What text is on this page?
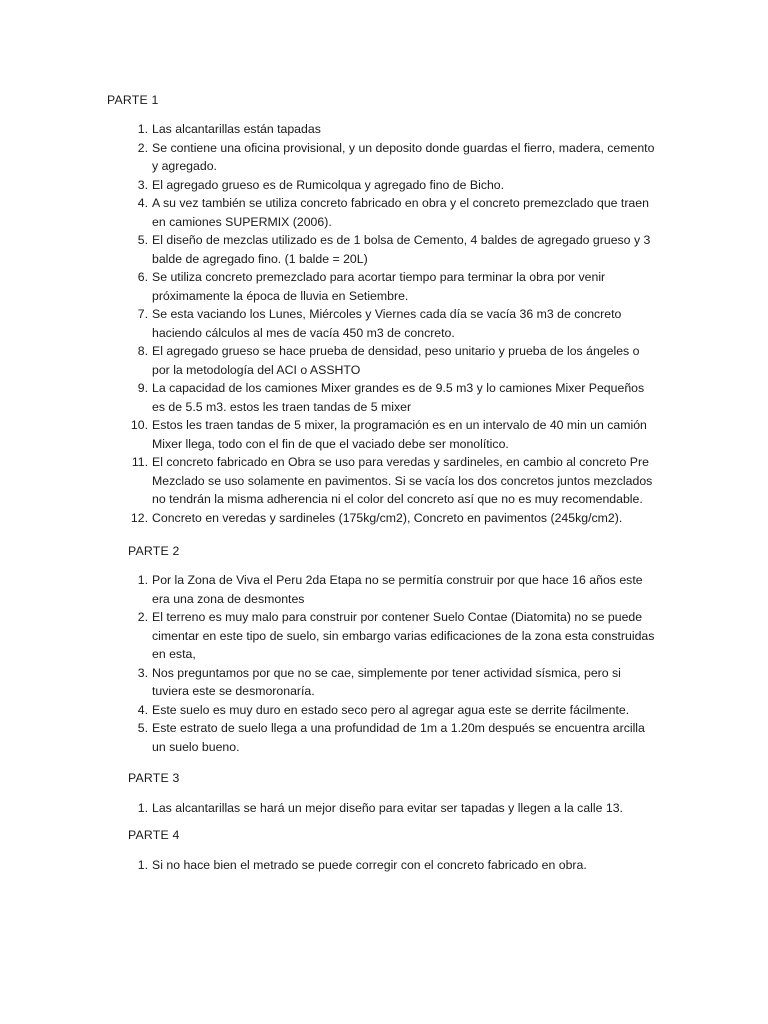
PARTE 1
1. Las alcantarillas están tapadas
2. Se contiene una oficina provisional, y un deposito donde guardas el fierro, madera, cemento y agregado.
3. El agregado grueso es de Rumicolqua y agregado fino de Bicho.
4. A su vez también se utiliza concreto fabricado en obra y el concreto premezclado que traen en camiones SUPERMIX (2006).
5. El diseño de mezclas utilizado es de 1 bolsa de Cemento, 4 baldes de agregado grueso y 3 balde de agregado fino. (1 balde = 20L)
6. Se utiliza concreto premezclado para acortar tiempo para terminar la obra por venir próximamente la época de lluvia en Setiembre.
7. Se esta vaciando los Lunes, Miércoles y Viernes cada día se vacía 36 m3 de concreto haciendo cálculos al mes de vacía 450 m3 de concreto.
8. El agregado grueso se hace prueba de densidad, peso unitario y prueba de los ángeles o por la metodología del ACI o ASSHTO
9. La capacidad de los camiones Mixer grandes es de 9.5 m3 y lo camiones Mixer Pequeños es de 5.5 m3. estos les traen tandas de 5 mixer
10. Estos les traen tandas de 5 mixer, la programación es en un intervalo de 40 min un camión Mixer llega, todo con el fin de que el vaciado debe ser monolítico.
11. El concreto fabricado en Obra se uso para veredas y sardineles, en cambio al concreto Pre Mezclado se uso solamente en pavimentos. Si se vacía los dos concretos juntos mezclados no tendrán la misma adherencia ni el color del concreto así que no es muy recomendable.
12. Concreto en veredas y sardineles (175kg/cm2), Concreto en pavimentos (245kg/cm2).
PARTE 2
1. Por la Zona de Viva el Peru 2da Etapa no se permitía construir por que hace 16 años este era una zona de desmontes
2. El terreno es muy malo para construir por contener Suelo Contae (Diatomita) no se puede cimentar en este tipo de suelo, sin embargo varias edificaciones de la zona esta construidas en esta,
3. Nos preguntamos por que no se cae, simplemente por tener actividad sísmica, pero si tuviera este se desmoronaría.
4. Este suelo es muy duro en estado seco pero al agregar agua este se derrite fácilmente.
5. Este estrato de suelo llega a una profundidad de 1m a 1.20m después se encuentra arcilla un suelo bueno.
PARTE 3
1. Las alcantarillas se hará un mejor diseño para evitar ser tapadas y llegen a la calle 13.
PARTE 4
1. Si no hace bien el metrado se puede corregir con el concreto fabricado en obra.
